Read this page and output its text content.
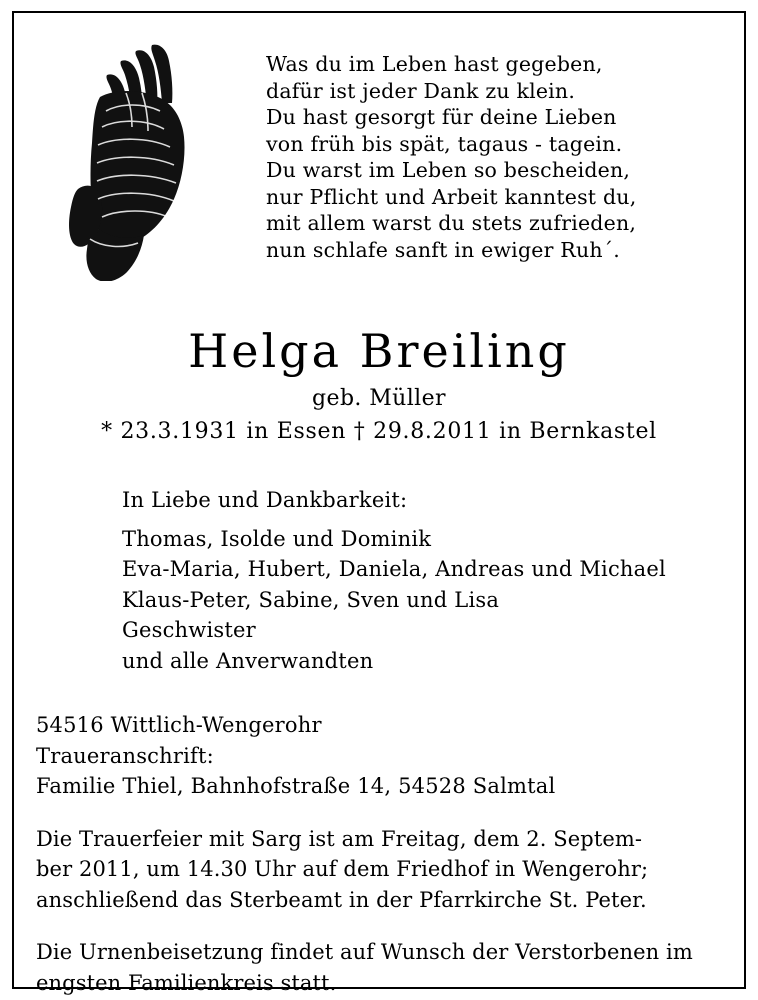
Was du im Leben hast gegeben,
dafür ist jeder Dank zu klein.
Du hast gesorgt für deine Lieben
von früh bis spät, tagaus - tagein.
Du warst im Leben so bescheiden,
nur Pflicht und Arbeit kanntest du,
mit allem warst du stets zufrieden,
nun schlafe sanft in ewiger Ruh´.
Helga Breiling
geb. Müller
* 23.3.1931 in Essen † 29.8.2011 in Bernkastel
In Liebe und Dankbarkeit:
Thomas, Isolde und Dominik
Eva-Maria, Hubert, Daniela, Andreas und Michael
Klaus-Peter, Sabine, Sven und Lisa
Geschwister
und alle Anverwandten
54516 Wittlich-Wengerohr
Traueranschrift:
Familie Thiel, Bahnhofstraße 14, 54528 Salmtal
Die Trauerfeier mit Sarg ist am Freitag, dem 2. Septem-
ber 2011, um 14.30 Uhr auf dem Friedhof in Wengerohr;
anschließend das Sterbeamt in der Pfarrkirche St. Peter.
Die Urnenbeisetzung findet auf Wunsch der Verstorbenen im
engsten Familienkreis statt.
